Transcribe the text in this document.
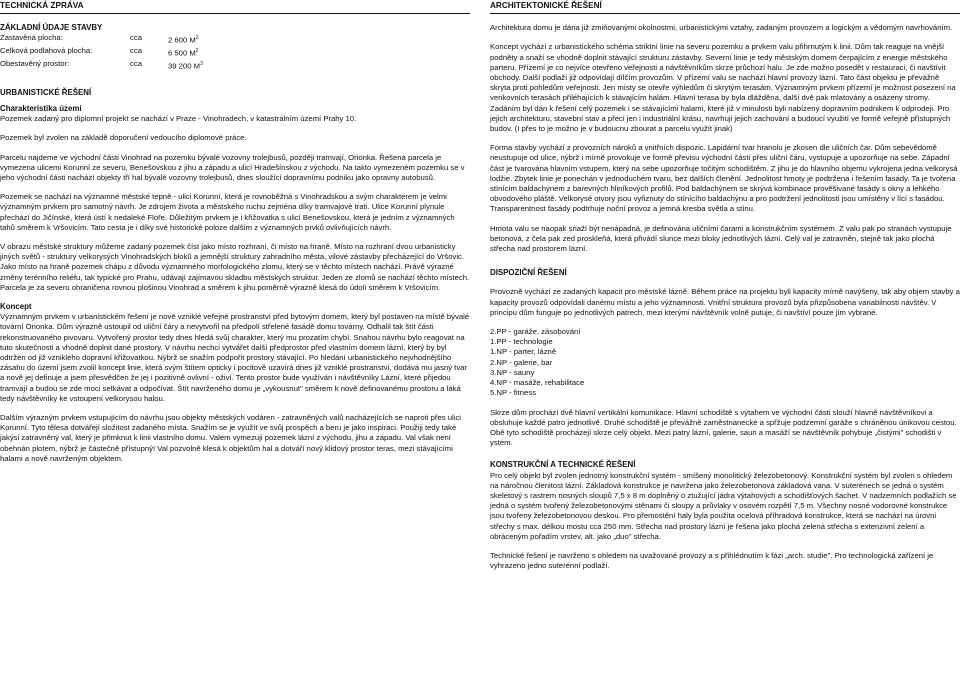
TECHNICKÁ ZPRÁVA
ZÁKLADNÍ ÚDAJE STAVBY
Zastavěná plocha:	cca	2 600 $M^2$
Celková podlahová plocha:	cca	6 500 $M^2$
Obestavěný prostor:	cca	39 200 $M^3$
URBANISTICKÉ ŘEŠENÍ
Charakteristika území

Pozemek zadaný pro diplomní projekt se nachází v Praze - Vinohradech, v katastrálním území Prahy 10.

Pozemek byl zvolen na základě doporučení vedoucího diplomové práce.

Parcelu najdeme ve východní části Vinohrad na pozemku bývalé vozovny trolejbusů, později tramvají, Orionka. Řešená parcela je vymezena ulicemi Korunní ze severu, Benešovskou z jihu a západu a ulicí Hradešínskou z východu. Na takto vymezeném pozemku se v jeho východní části nachází objekty tří hal bývalé vozovny trolejbusů, dnes sloužící dopravnímu podniku jako opravny autobusů.

Pozemek se nachází na významné městské tepně - ulici Korunní, která je rovnoběžná s Vinohradskou a svým charakterem je velmi významným prvkem pro samotný návrh. Je zdrojem života a městského ruchu zejména díky tramvajové trati. Ulice Korunní plynule přechází do Jičínské, která ústí k nedaleké Floře. Důležitým prvkem je i křižovatka s ulicí Benešovskou, která je jedním z významných tahů směrem k Vršovicím. Tato cesta je i díky své historické poloze dalším z významných prvků ovlivňujících návrh.

V obrazu městské struktury můžeme zadaný pozemek číst jako místo rozhraní, či místo na hraně. Místo na rozhraní dvou urbanisticky jiných světů - struktury velkorysých Vinohradských bloků a jemnější struktury zahradního města, vilové zástavby přecházející do Vršovic. Jako místo na hraně pozemek chápu z důvodu významného morfologického zlomu, který se v těchto místech nachází. Právě výrazné změny terénního reliéfu, tak typické pro Prahu, udávají zajímavou skladbu městských struktur. Jeden ze zlomů se nachází těchto místech. Parcela je za severu ohraničena rovnou plošinou Vinohrad a směrem k jihu poměrně výrazně klesá do údolí směrem k Vršovicím.

Koncept

Významným prvkem v urbanistickém řešení je nově vzniklé veřejné prostranství před bytovým domem, který byl postaven na místě bývalé tovární Orionka. Dům výrazně ustoupil od uliční čáry a nevytvořil na předpolí střelené fasádě domu továrny. Odhalil tak štít části rekonstruovaného pivovaru. Vytvořený prostor tedy dnes hledá svůj charakter, který mu prozatím chybí. Snahou návrhu bylo reagovat na tuto skutečnosti a vhodně doplnit dané prostory. V návrhu nechci vytvářet další předprostor před vlastním domem lázní, který by byl odtržen od již vzniklého dopravní křižovatkou. Nýbrž se snažím podpořit prostory stávající. Po hledání urbanistického nejvhodnějšího zásahu do území jsem zvolil koncept linie, která svým štítem opticky i pocitově uzavírá dnes již vzniklé prostranství, dodává mu jasný tvar a nově jej definuje a jsem přesvědčen že jej i pozitivně ovlivní - oživí. Tento prostor bude využíván i návštěvníky Lázní, které přijedou tramvají a budou se zde moci setkávat a odpočívat. Štít navrženého domu je „vykousnut" směrem k nově definovanému prostoru a láká tedy návštěvníky ke vstoupení velkorysou halou.

Dalším výrazným prvkem vstupujícím do návrhu jsou objekty městských vodáren - zatravněných valů nacházejících se naproti přes ulici Korunní. Tyto tělesa dotvářejí složitost zadaného místa. Snažím se je využít ve svůj prospěch a beru je jako inspiraci. Použiji tedy také jakýsi zatravněný val, který je přimknut k linii vlastního domu. Valem vymezuji pozemek lázní z východu, jihu a západu. Val však není obehnán plotem, nýbrž je částečně přístupný! Val pozvolně klesá k objektům hal a dotváří nový klidový prostor teras, mezi stávajícími halami a nově navrženým objektem.

ARCHITEKTONICKÉ ŘEŠENÍ

Architektura domu je dána již zmiňovanými okolnostmi, urbanistickými vztahy, zadaným provozem a logickým a vědomým navrhováním.

Koncept vychází z urbanistického schéma striktní linie na severu pozemku a prvkem valu přihrnutým k linii. Dům tak reaguje na vnější podněty a snaží se vhodně doplnit stávající strukturu zástavby. Severní linie je tedy městským domem čerpajícím z energie městského parteru. Přízemí je co nejvíce otevřeno veřejnosti a návštěvníkům skrze průchozí halu. Je zde možno posedět v restauraci, či navštívit obchody. Další podlaží již odpovídají dílčím provozům. V přízemí valu se nachází hlavní provozy lázní. Tato část objektu je převážně skryta proti pohledům veřejnosti. Jen místy se otevře výhledům či skrytým terasám. Významným prvkem přízemí je možnost posezení na venkovních terasách přiléhajících k stávajícím halám. Hlavní terasa by byla dlážděna, další dvě pak mlatovány a osázeny stromy. Zadáním byl dán k řešení celý pozemek i se stávajícími halami, které již v minulosti byli nabízeny dopravním podnikem k odprodeji. Pro jejich architekturu, stavební stav a přeci jen i industriální krásu, navrhuji jejich zachování a budoucí využití ve formě veřejně přístupných budov. (I přes to je možno je v budoucnu zbourat a parcelu využít jinak)

Forma stavby vychází z provozních nároků a vnitřních dispozic. Lapidární tvar hranolu je zkosen dle uličních čar. Dům sebevědomě neustupuje od ulice, nýbrž i mírně provokuje ve formě převisu východní části přes uliční čáru, vystupuje a upozorňuje na sebe. Západní část je tvarována hlavním vstupem, který na sebe upozorňuje točitým schodištěm. Z jihu je do hlavního objemu vykrojena jedna velkorysá lodžie. Zbytek linie je ponechán v jednoduchém tvaru, bez dalších členění. Jednolitost hmoty je podtržena i řešením fasády. Ta je tvořena stínícím baldachýnem z barevných hliníkových profilů. Pod baldachýnem se skrývá kombinace prověšivané fasády s okny a lehkého obvodového pláště. Velkorysé otvory jsou vyřiznuty do stínícího baldachýnu a pro podtržení jednolitosti jsou umístěny v lící s fasádou. Transparentnost fasády podtrhuje noční provoz a jemná kresba světla a stínu.

Hmota valu se naopak snaží být nenápadná, je definována uličními čarami a konstrukčním systémem. Z valu pak po stranách vystupuje betonová, z čela pak zed proskleňá, která přivádí slunce mezi bloky jednotlivých lázní. Celý val je zatravněn, stejně tak jako plochá střecha nad prostorem lázní.

DISPOZIČNÍ ŘEŠENÍ

Provozně vychází ze zadaných kapacit pro městské lázně. Během práce na projektu byli kapacity mírně navýšeny, tak aby objem stavby a kapacity provozů odpovídali danému místu a jeho významnosti. Vnitřní struktura provozů byla přizpůsobena variabilnosti návštěv. V principu dům funguje po jednotlivých patrech, mezi kterými návštěvník volně putuje, či navštíví pouze jím vybrané.

2.PP - garáže, zásobování

1.PP - technologie

1.NP - parter, lázně

2.NP - galerie, bar

3.NP - sauny

4.NP - masáže, rehabilitace

5.NP - fitness

Skrze dům prochází dvě hlavní vertikální komunikace. Hlavní schodiště s výtahem ve východní části slouží hlavně návštěvníkovi a obsluhuje každé patro jednotlivě. Druhé schodiště je převážně zaměstnanecké a spřžuje podzemní garáže s chráněnou únikovou cestou. Obě tyto schodiště procházejí skrze celý objekt. Mezi patry lázní, galerie, saun a masáží se návštěvník pohybuje „čistými" schodišti v ystém.

KONSTRUKČNÍ A TECHNICKÉ ŘEŠENÍ

Pro celý objekt byl zvolen jednotný konstrukční systém - smíšený monolitický železobetonový. Konstrukční systém byl zvolen s ohledem na náročnou členitost lázní. Základová konstrukce je navržena jako železobetonová základová vana. V suterénech se jedná o systém skeletový s rastrem nosných sloupů 7,5 x 8 m doplněný o ztužující jádra výtahových a schodišťových šachet. V nadzemních podlažích se jedná o systém tvořený železobetonovými stěnami či sloupy a průvlaky v osovém rozpětí 7,5 m. Všechny nosné vodorovné konstrukce jsou tvořeny železobetonovou deskou. Pro přemostění haly byla použita ocelová příhradová konstrukce, která se nachází na úrovni střechy s max. délkou mostu cca 250 mm. Střecha nad prostory lázní je řešena jako plochá zelená střecha s extenzivní zelení a obráceným pořadím vrstev, alt. jako „duo" střecha.

Technické řešení je navrženo s ohledem na uvažované provozy a s přihlédnutím k fázi „arch. studie". Pro technologická zařízení je vyhrazeno jedno suterénní podlaží.
